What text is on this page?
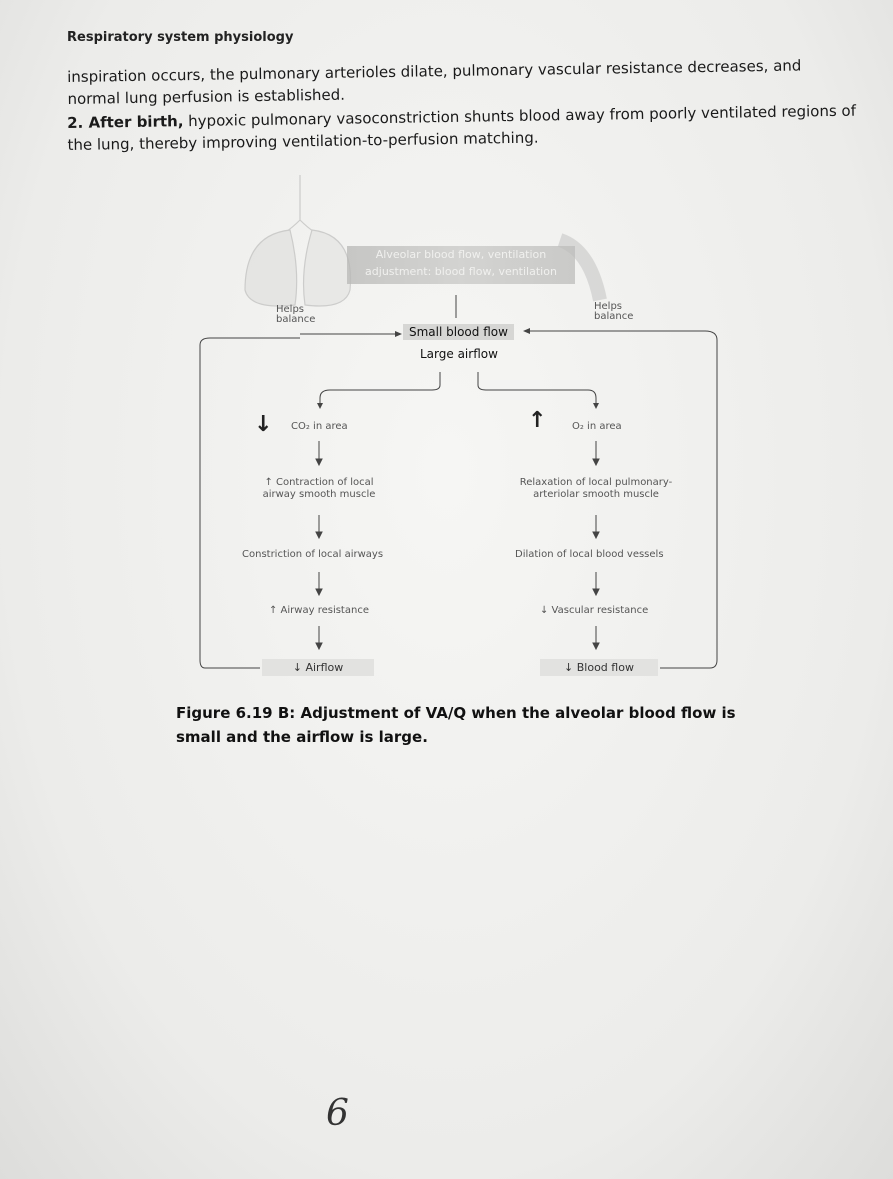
Respiratory system physiology
inspiration occurs, the pulmonary arterioles dilate, pulmonary vascular resistance decreases, and normal lung perfusion is established.
2. After birth, hypoxic pulmonary vasoconstriction shunts blood away from poorly ventilated regions of the lung, thereby improving ventilation-to-perfusion matching.
Alveolar blood flow, ventilation
adjustment: blood flow, ventilation
Helps
balance
Helps
balance
Small blood flow
Large airflow
↓ CO₂ in area	↑	O₂ in area
↑ Contraction of local
airway smooth muscle
Relaxation of local pulmonary-
arteriolar smooth muscle
Constriction of local airways	Dilation of local blood vessels
↑ Airway resistance	↓ Vascular resistance
↓ Airflow	↓ Blood flow
Figure 6.19 B: Adjustment of VA/Q when the alveolar blood flow is small and the airflow is large.
6
